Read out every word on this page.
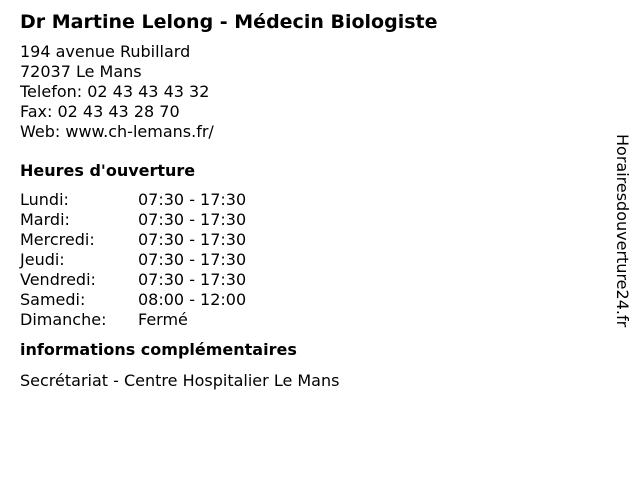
Dr Martine Lelong - Médecin Biologiste
194 avenue Rubillard
72037 Le Mans
Telefon: 02 43 43 43 32
Fax: 02 43 43 28 70
Web: www.ch-lemans.fr/
Heures d'ouverture
Lundi:	07:30 - 17:30
Mardi:	07:30 - 17:30
Mercredi:	07:30 - 17:30
Jeudi:	07:30 - 17:30
Vendredi:	07:30 - 17:30
Samedi:	08:00 - 12:00
Dimanche:	Fermé
informations complémentaires
Secrétariat - Centre Hospitalier Le Mans
Horairesdouverture24.fr
